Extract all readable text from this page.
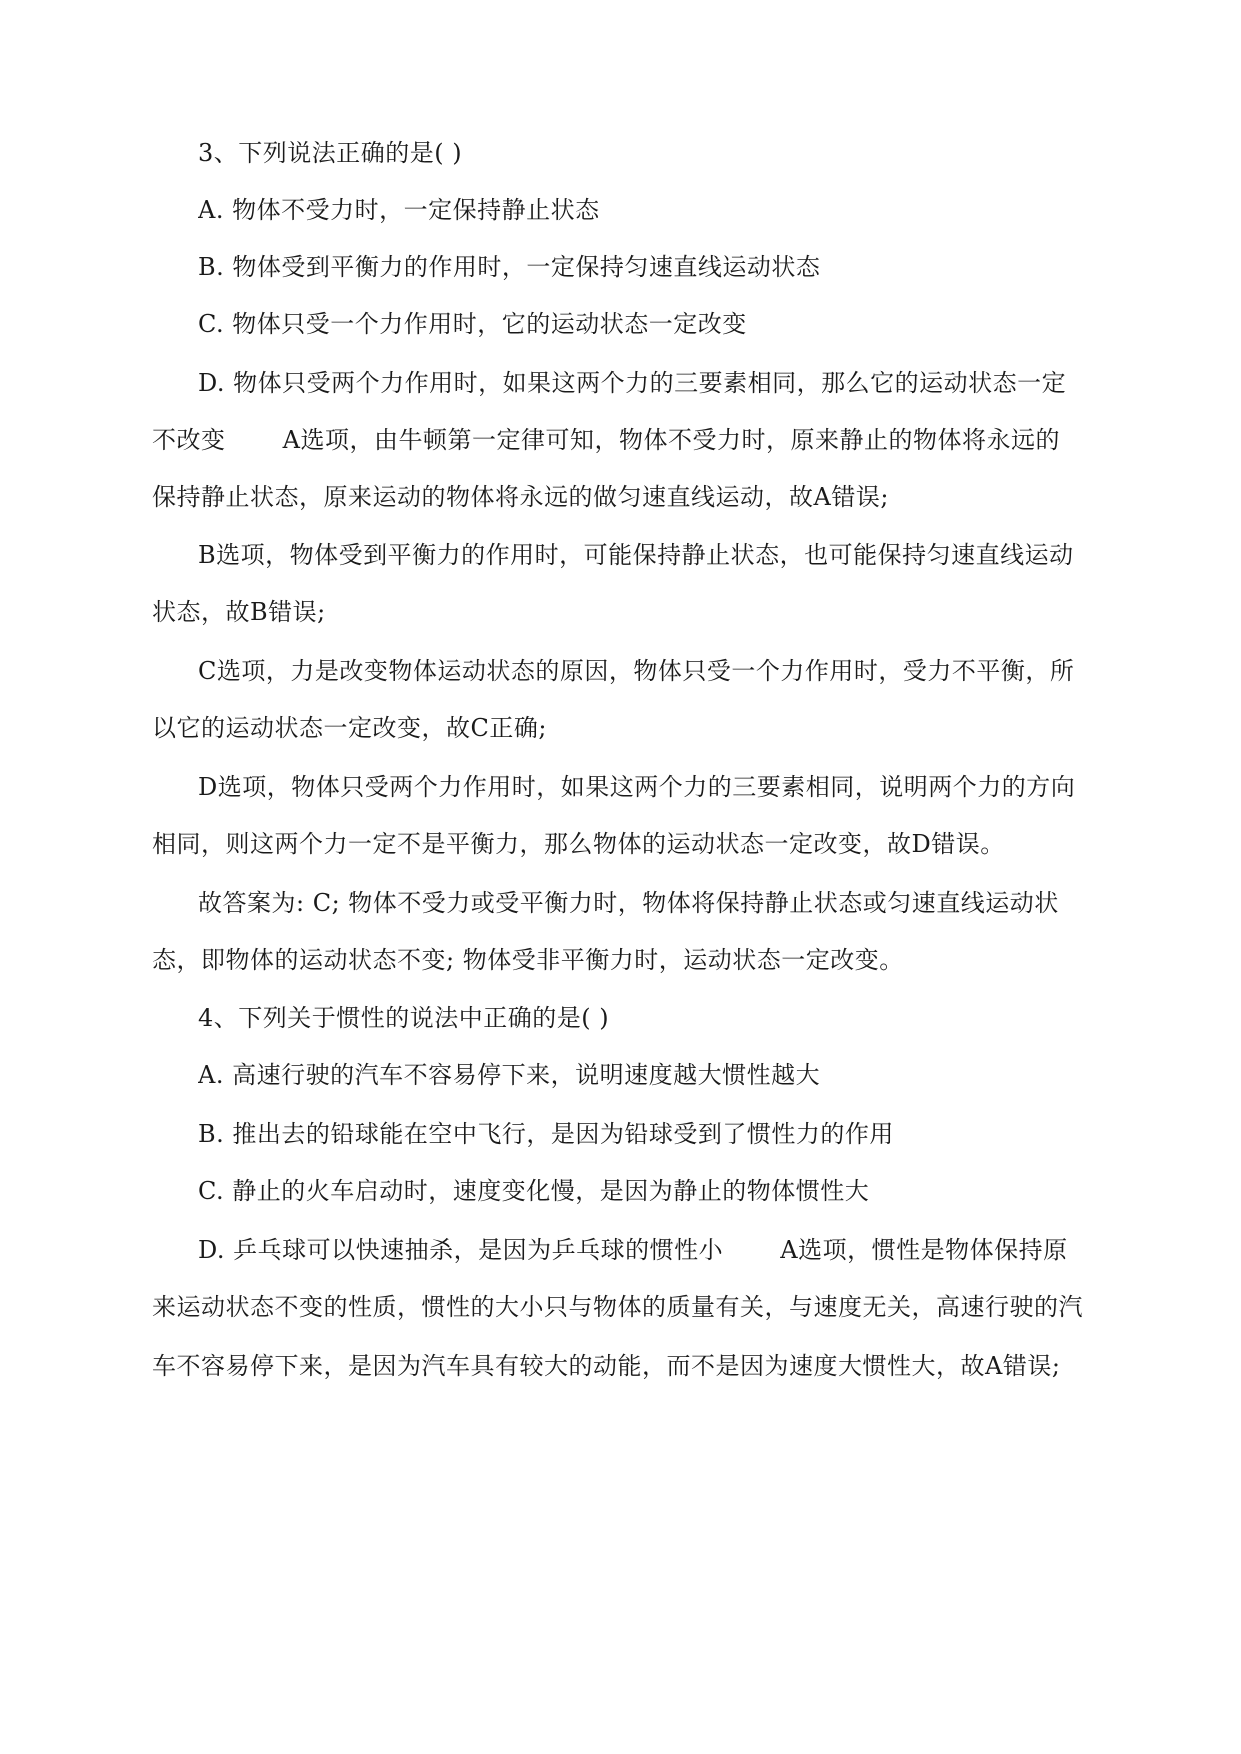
3、下列说法正确的是( )
A. 物体不受力时，一定保持静止状态
B. 物体受到平衡力的作用时，一定保持匀速直线运动状态
C. 物体只受一个力作用时，它的运动状态一定改变
D. 物体只受两个力作用时，如果这两个力的三要素相同，那么它的运动状态一定
不改变　　 A选项，由牛顿第一定律可知，物体不受力时，原来静止的物体将永远的
保持静止状态，原来运动的物体将永远的做匀速直线运动，故A错误;
B选项，物体受到平衡力的作用时，可能保持静止状态，也可能保持匀速直线运动
状态，故B错误;
C选项，力是改变物体运动状态的原因，物体只受一个力作用时，受力不平衡，所
以它的运动状态一定改变，故C正确;
D选项，物体只受两个力作用时，如果这两个力的三要素相同，说明两个力的方向
相同，则这两个力一定不是平衡力，那么物体的运动状态一定改变，故D错误。
故答案为: C; 物体不受力或受平衡力时，物体将保持静止状态或匀速直线运动状
态，即物体的运动状态不变; 物体受非平衡力时，运动状态一定改变。
4、下列关于惯性的说法中正确的是( )
A. 高速行驶的汽车不容易停下来，说明速度越大惯性越大
B. 推出去的铅球能在空中飞行，是因为铅球受到了惯性力的作用
C. 静止的火车启动时，速度变化慢，是因为静止的物体惯性大
D. 乒乓球可以快速抽杀，是因为乒乓球的惯性小　　 A选项，惯性是物体保持原
来运动状态不变的性质，惯性的大小只与物体的质量有关，与速度无关，高速行驶的汽
车不容易停下来，是因为汽车具有较大的动能，而不是因为速度大惯性大，故A错误;
